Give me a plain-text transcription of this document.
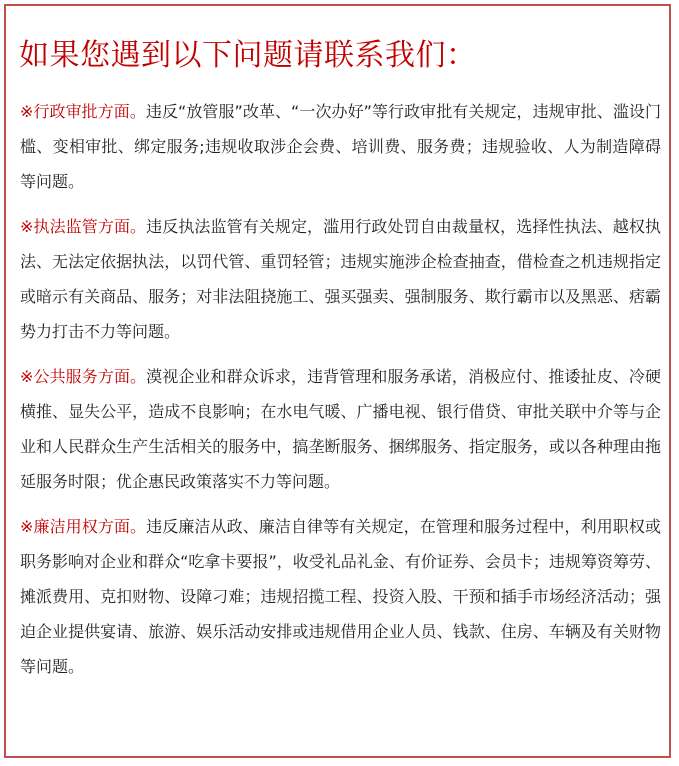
如果您遇到以下问题请联系我们：

※行政审批方面。违反“放管服”改革、“一次办好”等行政审批有关规定，违规审批、滥设门槛、变相审批、绑定服务;违规收取涉企会费、培训费、服务费；违规验收、人为制造障碍等问题。

※执法监管方面。违反执法监管有关规定，滥用行政处罚自由裁量权，选择性执法、越权执法、无法定依据执法，以罚代管、重罚轻管；违规实施涉企检查抽查，借检查之机违规指定或暗示有关商品、服务；对非法阻挠施工、强买强卖、强制服务、欺行霸市以及黑恶、痞霸势力打击不力等问题。

※公共服务方面。漠视企业和群众诉求，违背管理和服务承诺，消极应付、推诿扯皮、冷硬横推、显失公平，造成不良影响；在水电气暖、广播电视、银行借贷、审批关联中介等与企业和人民群众生产生活相关的服务中，搞垄断服务、捆绑服务、指定服务，或以各种理由拖延服务时限；优企惠民政策落实不力等问题。

※廉洁用权方面。违反廉洁从政、廉洁自律等有关规定，在管理和服务过程中，利用职权或职务影响对企业和群众“吃拿卡要报”，收受礼品礼金、有价证券、会员卡；违规筹资筹劳、摊派费用、克扣财物、设障刁难；违规招揽工程、投资入股、干预和插手市场经济活动；强迫企业提供宴请、旅游、娱乐活动安排或违规借用企业人员、钱款、住房、车辆及有关财物等问题。
